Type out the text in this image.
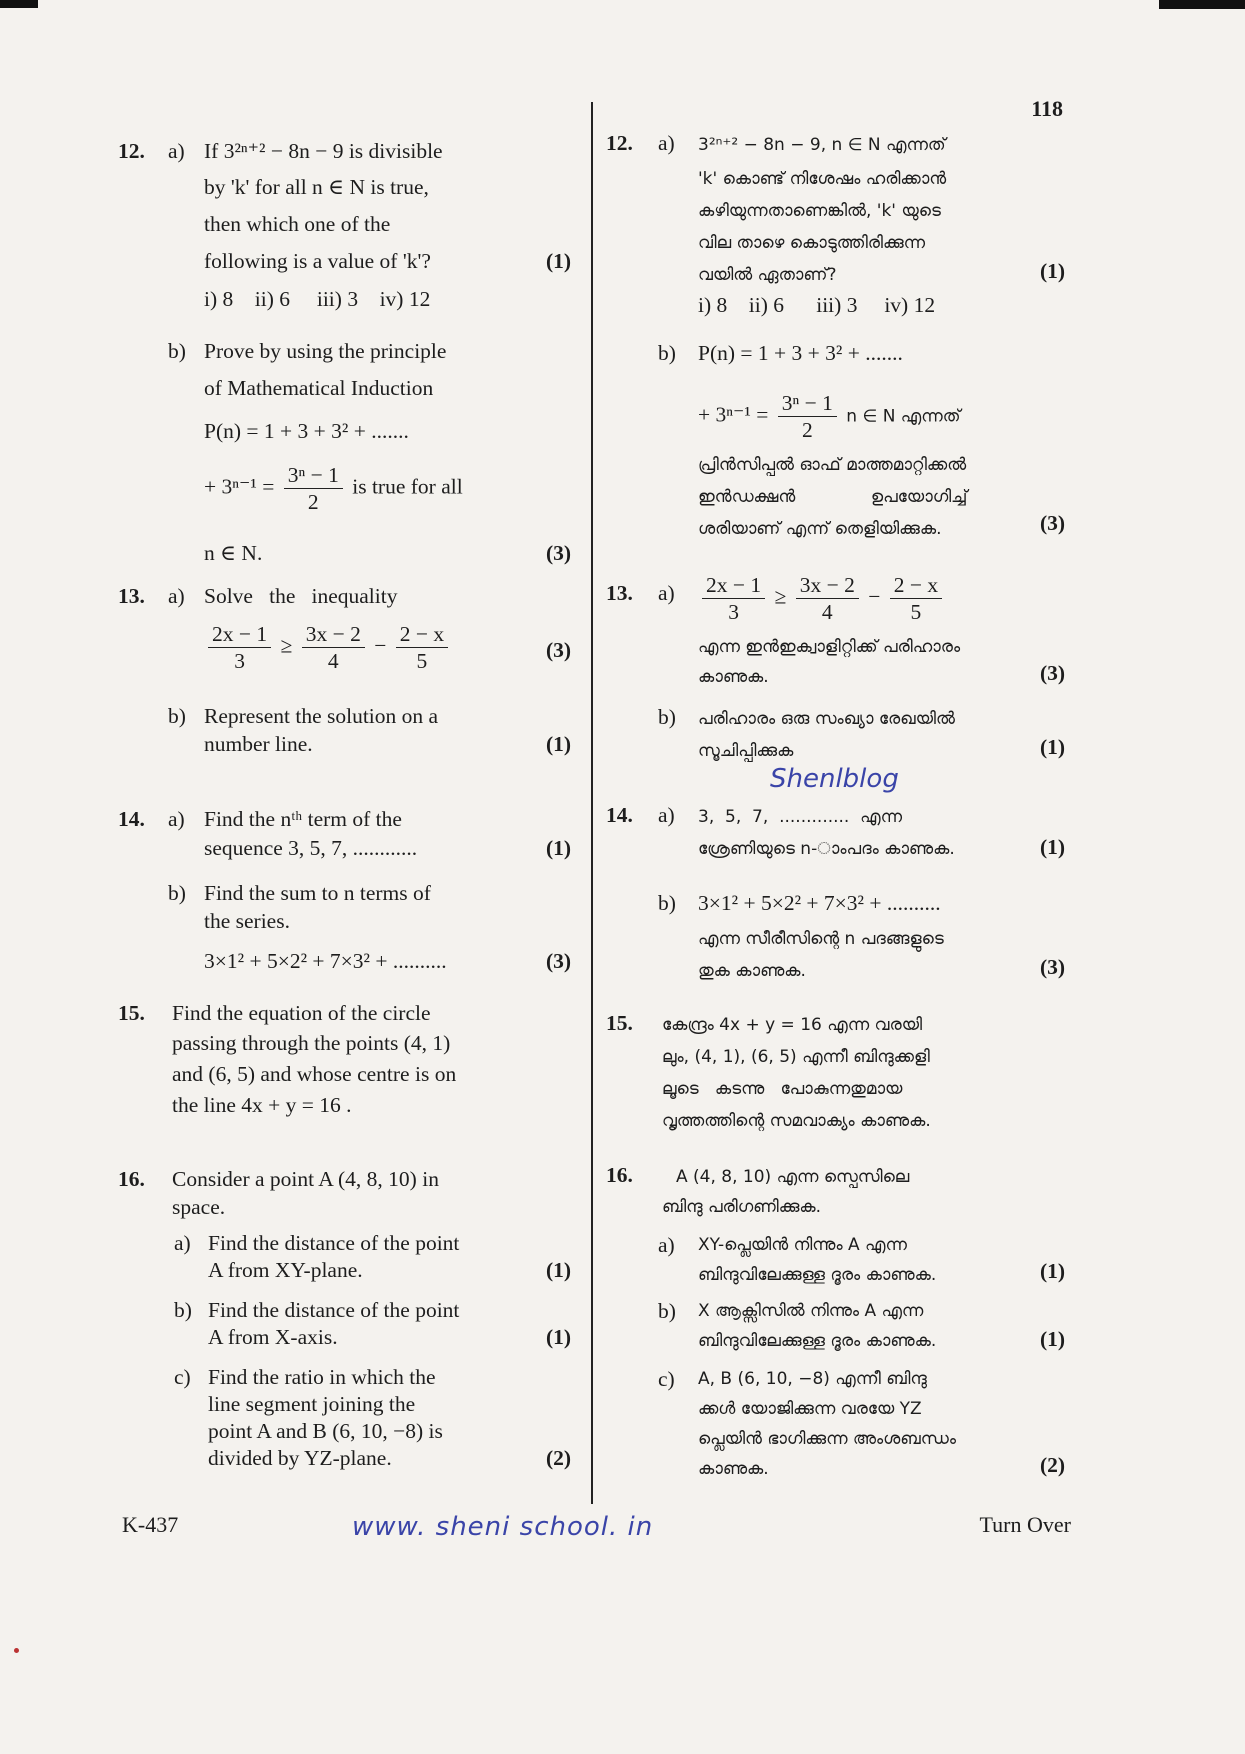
118
12. a) If 3²ⁿ⁺² − 8n − 9 is divisible
by 'k' for all n ∈ N is true,
then which one of the
following is a value of 'k'?	(1)
i) 8    ii) 6     iii) 3    iv) 12
b) Prove by using the principle
of Mathematical Induction
P(n) = 1 + 3 + 3² + .......
+ $3^{n-1} = \frac{\text{3ⁿ − 1}}{2}$ is true for all
n ∈ N.	(3)
13. a) Solve   the   inequality
$\frac{2x - 1}{3} \ge \frac{3x - 2}{4} - \frac{2 - x}{5}$	(3)
b) Represent the solution on a
number line.	(1)
14. a) Find the nᵗʰ term of the
sequence 3, 5, 7, ............	(1)
b) Find the sum to n terms of
the series.
3×1² + 5×2² + 7×3² + ..........	(3)
15. Find the equation of the circle
passing through the points (4, 1)
and (6, 5) and whose centre is on
the line 4x + y = 16 .
16. Consider a point A (4, 8, 10) in
space.
a) Find the distance of the point
A from XY-plane.	(1)
b) Find the distance of the point
A from X-axis.	(1)
c) Find the ratio in which the
line segment joining the
point A and B (6, 10, −8) is
divided by YZ-plane.	(2)
12. a) 3²ⁿ⁺² − 8n − 9, n ∈ N എന്നത്
'k' കൊണ്ട് നിശേഷം ഹരിക്കാൻ
കഴിയുന്നതാണെങ്കിൽ, 'k' യുടെ
വില താഴെ കൊടുത്തിരിക്കുന്ന
വയിൽ ഏതാണ്?	(1)
i) 8    ii) 6      iii) 3     iv) 12
b) P(n) = 1 + 3 + 3² + .......
+ $3^{n-1} = \frac{\text{3ⁿ − 1}}{2}$ n ∈ N എന്നത്
പ്രിൻസിപ്പൽ ഓഫ് മാത്തമാറ്റിക്കൽ
ഇൻഡക്ഷൻ              ഉപയോഗിച്ച്
ശരിയാണ് എന്ന് തെളിയിക്കുക.	(3)
13. $a) \frac{2x - 1}{3} \ge \frac{3x - 2}{4} - \frac{2 - x}{5}$
എന്ന ഇൻഇക്വാളിറ്റിക്ക് പരിഹാരം
കാണുക.	(3)
b) പരിഹാരം ഒരു സംഖ്യാ രേഖയിൽ
സൂചിപ്പിക്കുക	(1)
14. a) 3,  5,  7,  .............  എന്ന
ശ്രേണിയുടെ n-ാംപദം കാണുക.	(1)
b) 3×1² + 5×2² + 7×3² + ..........
എന്ന സീരീസിന്റെ n പദങ്ങളുടെ
തുക കാണുക.	(3)
15. കേന്ദ്രം 4x + y = 16 എന്ന വരയി
ലും, (4, 1), (6, 5) എന്നീ ബിന്ദുക്കളി
ലൂടെ   കടന്നു   പോകുന്നതുമായ
വൃത്തത്തിന്റെ സമവാക്യം കാണുക.
16.	A (4, 8, 10) എന്ന സ്പെസിലെ
ബിന്ദു പരിഗണിക്കുക.
a) XY-പ്ലെയിൻ നിന്നും A എന്ന
ബിന്ദുവിലേക്കുള്ള ദൂരം കാണുക.	(1)
b) X ആക്സിസിൽ നിന്നും A എന്ന
ബിന്ദുവിലേക്കുള്ള ദൂരം കാണുക.	(1)
c) A, B (6, 10, −8) എന്നീ ബിന്ദു
ക്കൾ യോജിക്കുന്ന വരയേ YZ
പ്ലെയിൻ ഭാഗിക്കുന്ന അംശബന്ധം
കാണുക.	(2)
Shenlblog
K-437	www. sheni school. in	Turn Over
